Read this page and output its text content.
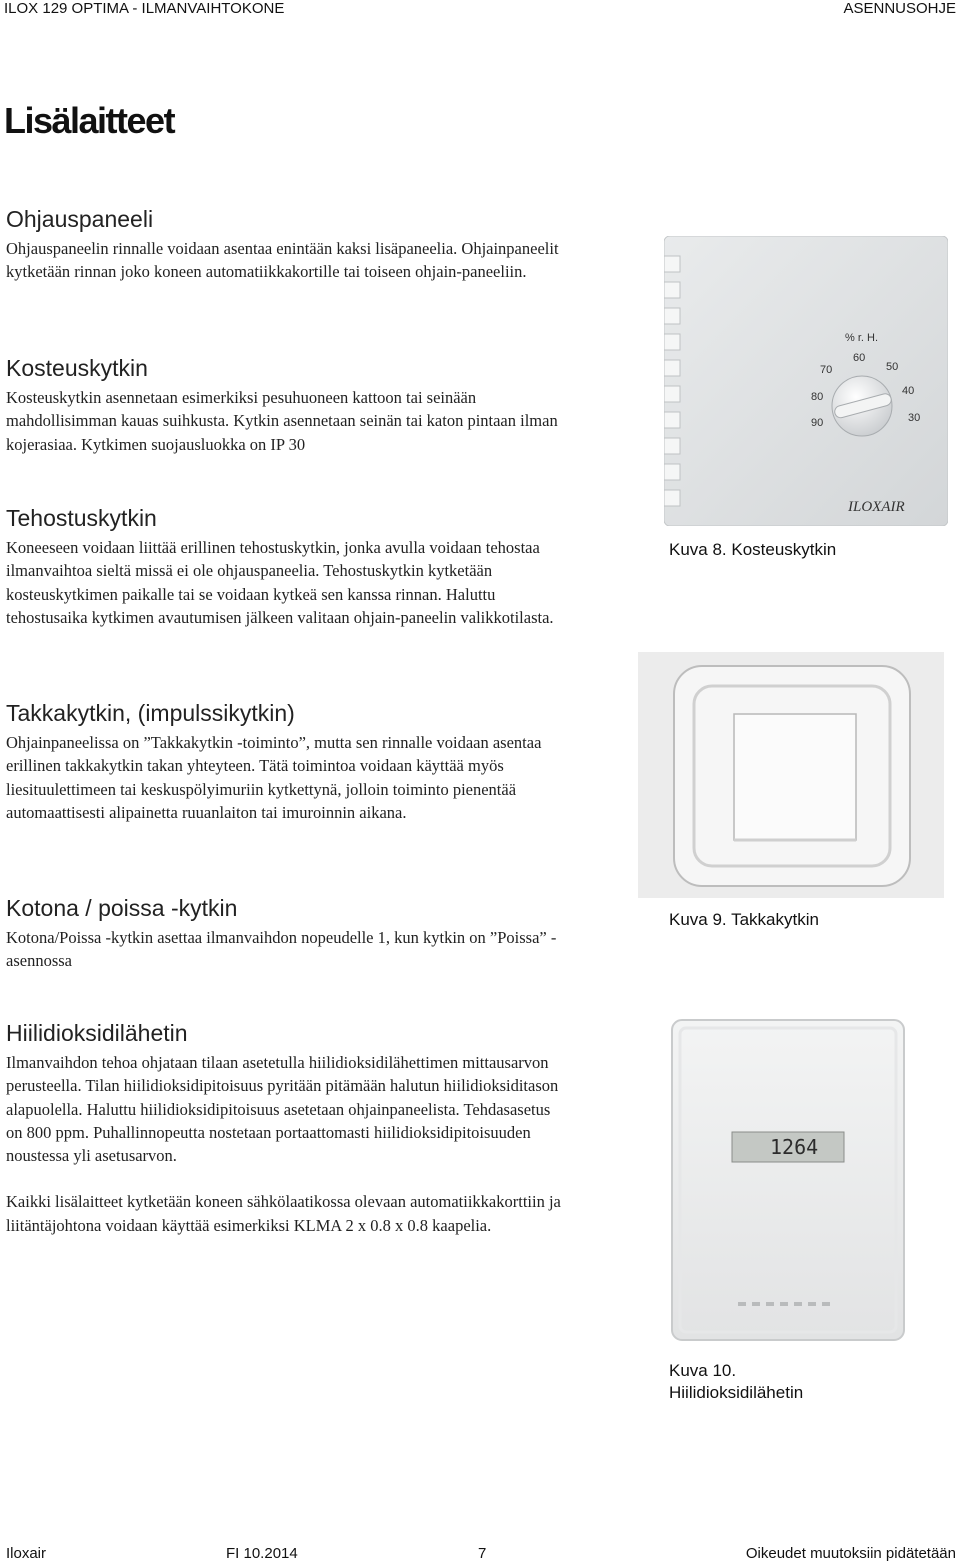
ILOX 129 OPTIMA - ILMANVAIHTOKONE	ASENNUSOHJE
Lisälaitteet
Ohjauspaneeli

Ohjauspaneelin rinnalle voidaan asentaa enintään kaksi lisäpaneelia. Ohjainpaneelit kytketään rinnan joko koneen automatiikkakortille tai toiseen ohjain-paneeliin.

Kosteuskytkin

Kosteuskytkin asennetaan esimerkiksi pesuhuoneen kattoon tai seinään mahdollisimman kauas suihkusta. Kytkin asennetaan seinän tai katon pintaan ilman kojerasiaa. Kytkimen suojausluokka on IP 30

Tehostuskytkin

Koneeseen voidaan liittää erillinen tehostuskytkin, jonka avulla voidaan tehostaa ilmanvaihtoa sieltä missä ei ole ohjauspaneelia. Tehostuskytkin kytketään kosteuskytkimen paikalle tai se voidaan kytkeä sen kanssa rinnan. Haluttu tehostusaika kytkimen avautumisen jälkeen valitaan ohjain-paneelin valikkotilasta.

Takkakytkin, (impulssikytkin)

Ohjainpaneelissa on ”Takkakytkin -toiminto”, mutta sen rinnalle voidaan asentaa erillinen takkakytkin takan yhteyteen. Tätä toimintoa voidaan käyttää myös liesituulettimeen tai keskuspölyimuriin kytkettynä, jolloin toiminto pienentää automaattisesti alipainetta ruuanlaiton tai imuroinnin aikana.

Kotona / poissa -kytkin

Kotona/Poissa -kytkin asettaa ilmanvaihdon nopeudelle 1, kun kytkin on ”Poissa” -asennossa

Hiilidioksidilähetin

Ilmanvaihdon tehoa ohjataan tilaan asetetulla hiilidioksidilähettimen mittausarvon perusteella. Tilan hiilidioksidipitoisuus pyritään pitämään halutun hiilidioksiditason alapuolella. Haluttu hiilidioksidipitoisuus asetetaan ohjainpaneelista. Tehdasasetus on 800 ppm. Puhallinnopeutta nostetaan portaattomasti hiilidioksidipitoisuuden noustessa yli asetusarvon.

Kaikki lisälaitteet kytketään koneen sähkölaatikossa olevaan automatiikkakorttiin ja liitäntäjohtona voidaan käyttää esimerkiksi KLMA 2 x 0.8 x 0.8 kaapelia.

% r. H.
30
40
50
60
70
80
90
ILOXAIR
Kuva 8. Kosteuskytkin
Kuva 9. Takkakytkin
1264
Kuva 10.
Hiilidioksidilähetin
Iloxair	FI 10.2014	7	Oikeudet muutoksiin pidätetään
